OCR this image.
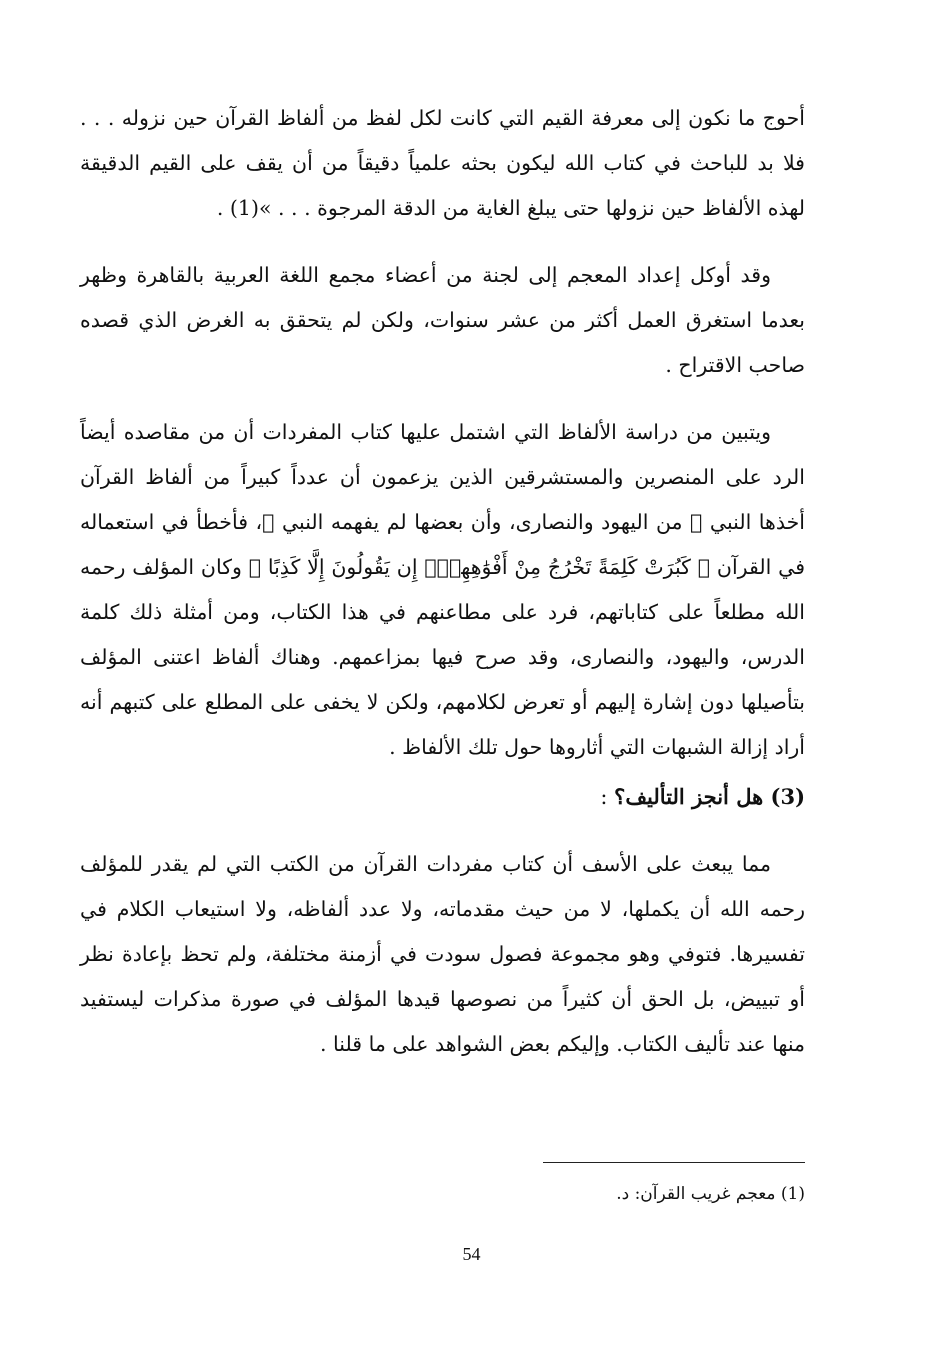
أحوج ما نكون إلى معرفة القيم التي كانت لكل لفظ من ألفاظ القرآن حين نزوله . . . فلا بد للباحث في كتاب الله ليكون بحثه علمياً دقيقاً من أن يقف على القيم الدقيقة لهذه الألفاظ حين نزولها حتى يبلغ الغاية من الدقة المرجوة . . . »(1) .

وقد أوكل إعداد المعجم إلى لجنة من أعضاء مجمع اللغة العربية بالقاهرة وظهر بعدما استغرق العمل أكثر من عشر سنوات، ولكن لم يتحقق به الغرض الذي قصده صاحب الاقتراح .

ويتبين من دراسة الألفاظ التي اشتمل عليها كتاب المفردات أن من مقاصده أيضاً الرد على المنصرين والمستشرقين الذين يزعمون أن عدداً كبيراً من ألفاظ القرآن أخذها النبي ﷺ من اليهود والنصارى، وأن بعضها لم يفهمه النبي ﷺ، فأخطأ في استعماله في القرآن ﴿ كَبُرَتْ كَلِمَةً تَخْرُجُ مِنْ أَفْوَٰهِهِمْۚ إِن يَقُولُونَ إِلَّا كَذِبًا ﴾ وكان المؤلف رحمه الله مطلعاً على كتاباتهم، فرد على مطاعنهم في هذا الكتاب، ومن أمثلة ذلك كلمة الدرس، واليهود، والنصارى، وقد صرح فيها بمزاعمهم. وهناك ألفاظ اعتنى المؤلف بتأصيلها دون إشارة إليهم أو تعرض لكلامهم، ولكن لا يخفى على المطلع على كتبهم أنه أراد إزالة الشبهات التي أثاروها حول تلك الألفاظ .

(3) هل أنجز التأليف؟ :

مما يبعث على الأسف أن كتاب مفردات القرآن من الكتب التي لم يقدر للمؤلف رحمه الله أن يكملها، لا من حيث مقدماته، ولا عدد ألفاظه، ولا استيعاب الكلام في تفسيرها. فتوفي وهو مجموعة فصول سودت في أزمنة مختلفة، ولم تحظ بإعادة نظر أو تبييض، بل الحق أن كثيراً من نصوصها قيدها المؤلف في صورة مذكرات ليستفيد منها عند تأليف الكتاب. وإليكم بعض الشواهد على ما قلنا .

(1) معجم غريب القرآن: د.

54
